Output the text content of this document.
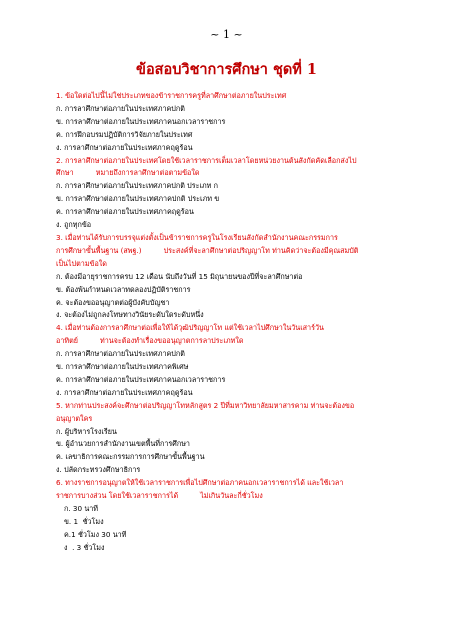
~ 1 ~
ข้อสอบวิชาการศึกษา ชุดที่ 1
1. ข้อใดต่อไปนี้ไม่ใช่ประเภทของข้าราชการครูที่ลาศึกษาต่อภายในประเทศ
ก. การลาศึกษาต่อภายในประเทศภาคปกติ
ข. การลาศึกษาต่อภายในประเทศภาคนอกเวลาราชการ
ค. การฝึกอบรมปฏิบัติการวิจัยภายในประเทศ
ง. การลาศึกษาต่อภายในประเทศภาคฤดูร้อน
2. การลาศึกษาต่อภายในประเทศโดยใช้เวลาราชการเต็มเวลาโดยหน่วยงานต้นสังกัดคัดเลือกส่งไป
ศึกษา	หมายถึงการลาศึกษาต่อตามข้อใด
ก. การลาศึกษาต่อภายในประเทศภาคปกติ ประเภท ก
ข. การลาศึกษาต่อภายในประเทศภาคปกติ ประเภท ข
ค. การลาศึกษาต่อภายในประเทศภาคฤดูร้อน
ง. ถูกทุกข้อ
3. เมื่อท่านได้รับการบรรจุแต่งตั้งเป็นข้าราชการครูในโรงเรียนสังกัดสำนักงานคณะกรรมการ
การศึกษาขั้นพื้นฐาน (สพฐ.)	ประสงค์ที่จะลาศึกษาต่อปริญญาโท ท่านคิดว่าจะต้องมีคุณสมบัติ
เป็นไปตามข้อใด
ก. ต้องมีอายุราชการครบ 12 เดือน นับถึงวันที่ 15 มิถุนายนของปีที่จะลาศึกษาต่อ
ข. ต้องพ้นกำหนดเวลาทดลองปฏิบัติราชการ
ค. จะต้องขออนุญาตต่อผู้บังคับบัญชา
ง. จะต้องไม่ถูกลงโทษทางวินัยระดับใดระดับหนึ่ง
4. เมื่อท่านต้องการลาศึกษาต่อเพื่อให้ได้วุฒิปริญญาโท แต่ใช้เวลาไปศึกษาในวันเสาร์วัน
อาทิตย์	ท่านจะต้องทำเรื่องขออนุญาตการลาประเภทใด
ก. การลาศึกษาต่อภายในประเทศภาคปกติ
ข. การลาศึกษาต่อภายในประเทศภาคพิเศษ
ค. การลาศึกษาต่อภายในประเทศภาคนอกเวลาราชการ
ง. การลาศึกษาต่อภายในประเทศภาคฤดูร้อน
5. หากท่านประสงค์จะศึกษาต่อปริญญาโทหลักสูตร 2 ปีที่มหาวิทยาลัยมหาสารคาม ท่านจะต้องขอ
อนุญาตใคร
ก. ผู้บริหารโรงเรียน
ข. ผู้อำนวยการสำนักงานเขตพื้นที่การศึกษา
ค. เลขาธิการคณะกรรมการการศึกษาขั้นพื้นฐาน
ง. ปลัดกระทรวงศึกษาธิการ
6. ทางราชการอนุญาตให้ใช้เวลาราชการเพื่อไปศึกษาต่อภาคนอกเวลาราชการได้ และใช้เวลา
ราชการบางส่วน โดยใช้เวลาราชการได้	ไม่เกินวันละกี่ชั่วโมง
ก. 30 นาที
ข. 1  ชั่วโมง
ค.1 ชั่วโมง 30 นาที
ง  . 3 ชั่วโมง
